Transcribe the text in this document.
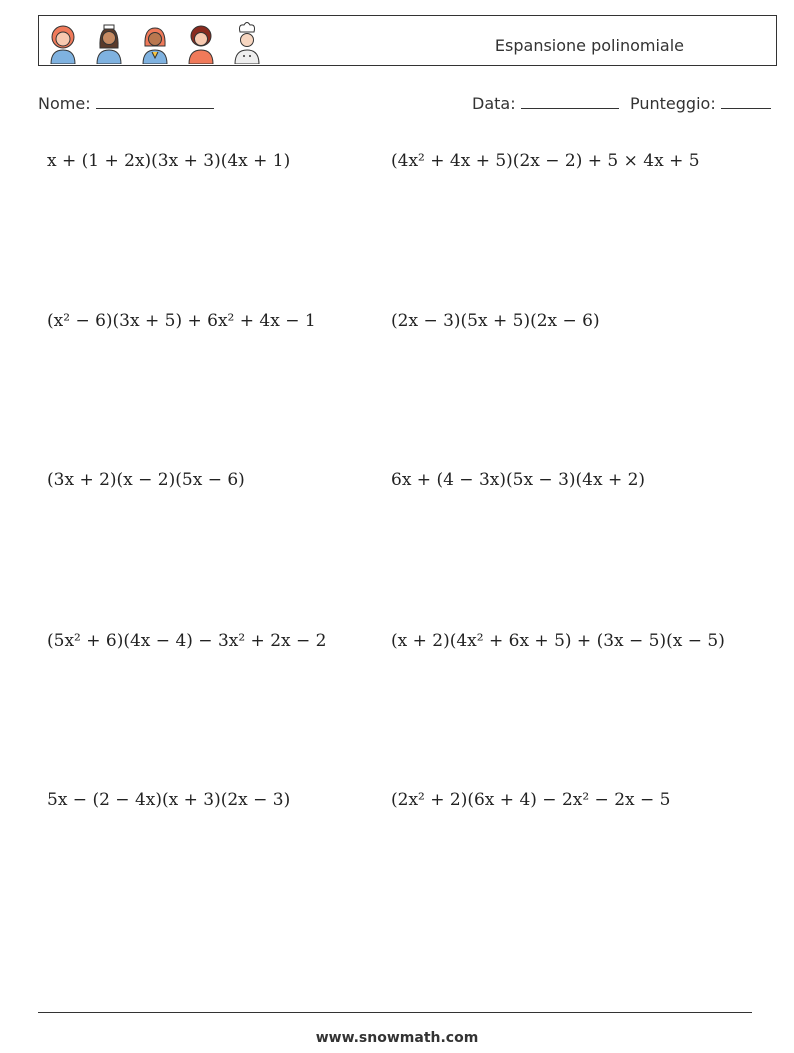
Espansione polinomiale
Nome:	Data:	Punteggio:
x + (1 + 2x)(3x + 3)(4x + 1)	(4x² + 4x + 5)(2x − 2) + 5 × 4x + 5
(x² − 6)(3x + 5) + 6x² + 4x − 1	(2x − 3)(5x + 5)(2x − 6)
(3x + 2)(x − 2)(5x − 6)	6x + (4 − 3x)(5x − 3)(4x + 2)
(5x² + 6)(4x − 4) − 3x² + 2x − 2	(x + 2)(4x² + 6x + 5) + (3x − 5)(x − 5)
5x − (2 − 4x)(x + 3)(2x − 3)	(2x² + 2)(6x + 4) − 2x² − 2x − 5
www.snowmath.com
